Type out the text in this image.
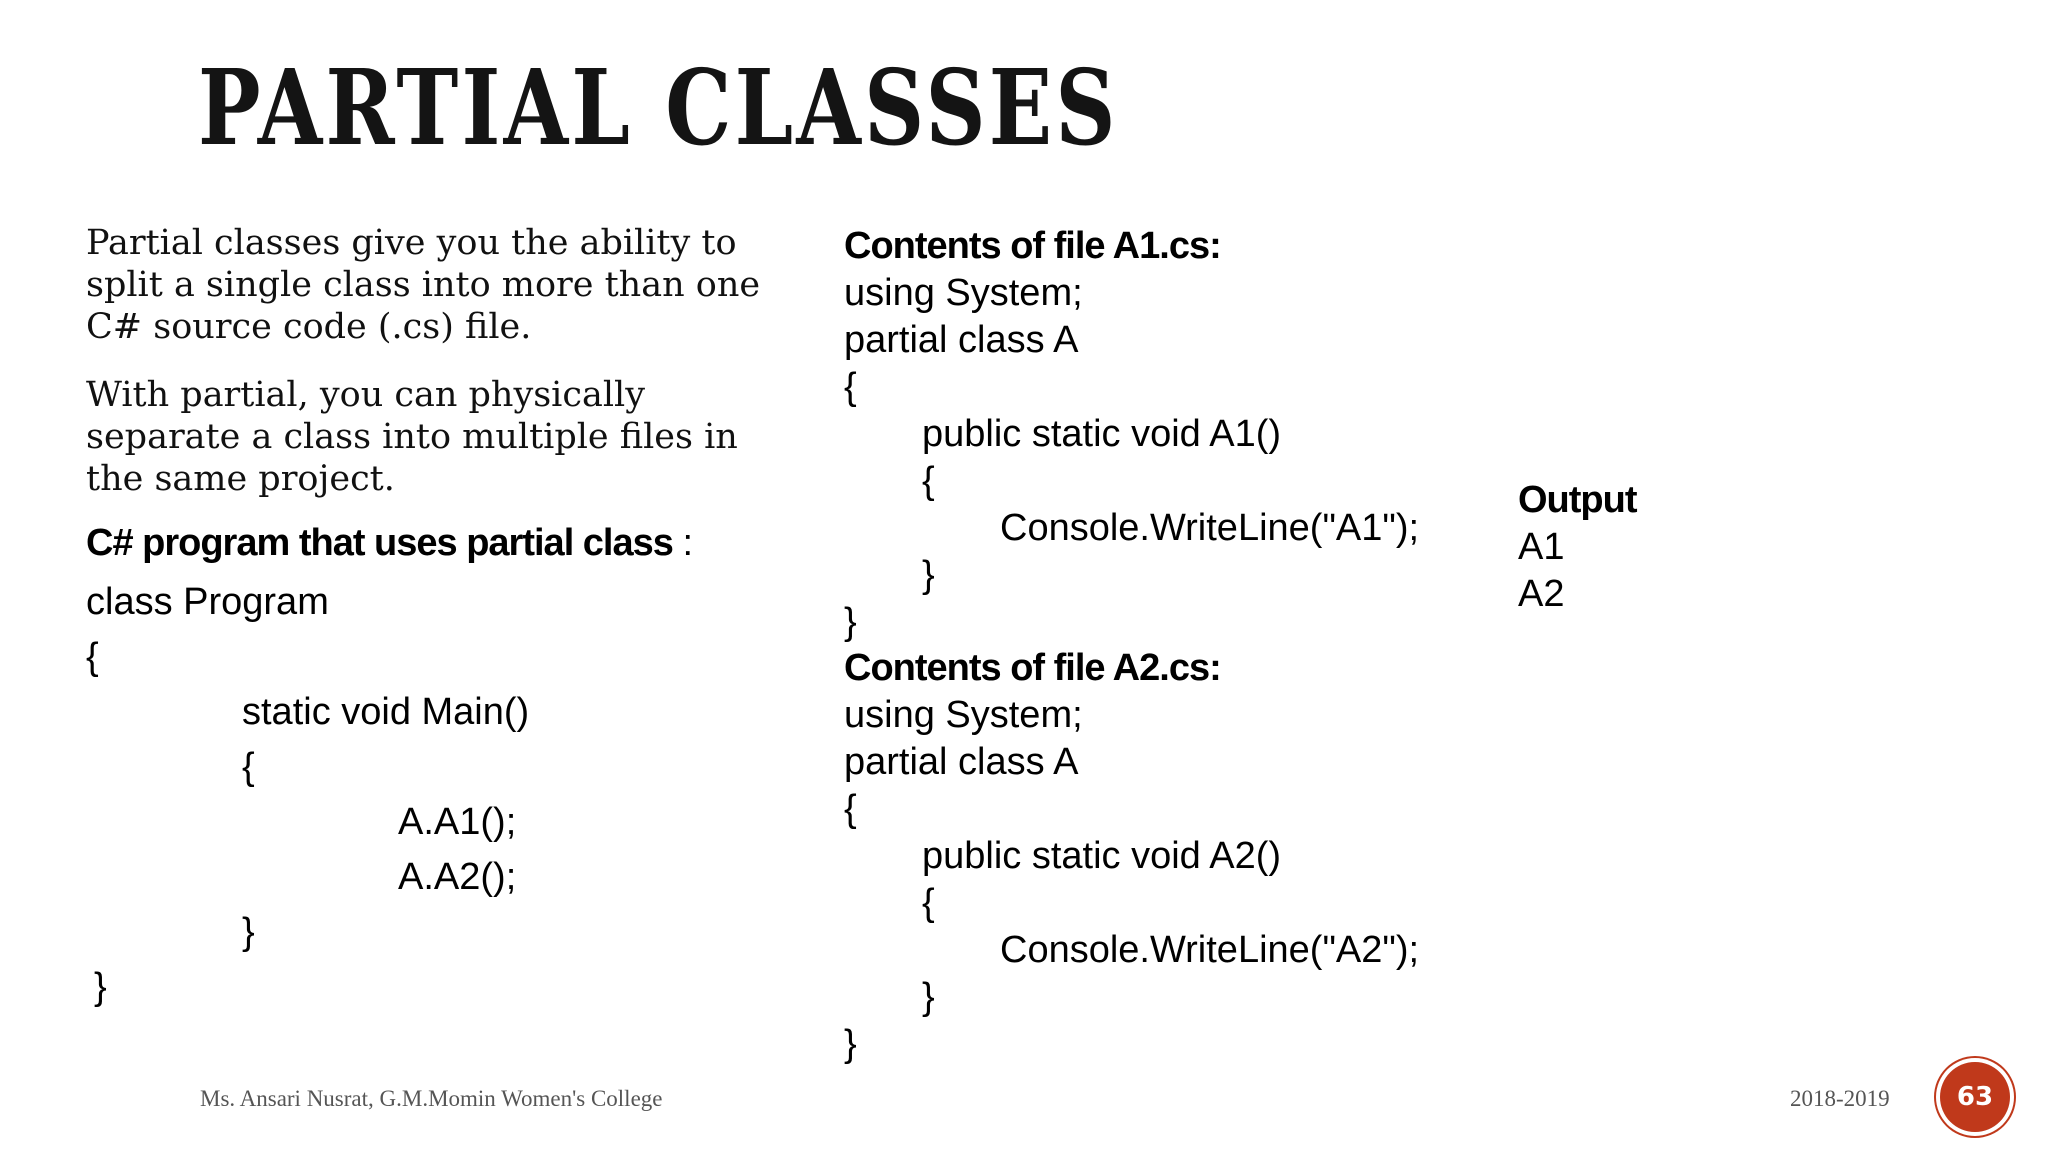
PARTIAL CLASSES

Partial classes give you the ability to split a single class into more than one C# source code (.cs) file.

With partial, you can physically separate a class into multiple files in the same project.

C# program that uses partial class :

class Program

{

static void Main()

{

A.A1();

A.A2();

}

}

Contents of file A1.cs:

using System;

partial class A

{

public static void A1()

{

Console.WriteLine("A1");

}

}

Contents of file A2.cs:

using System;

partial class A

{

public static void A2()

{

Console.WriteLine("A2");

}

}

Output

A1

A2

Ms. Ansari Nusrat, G.M.Momin Women's College	2018-2019	63
